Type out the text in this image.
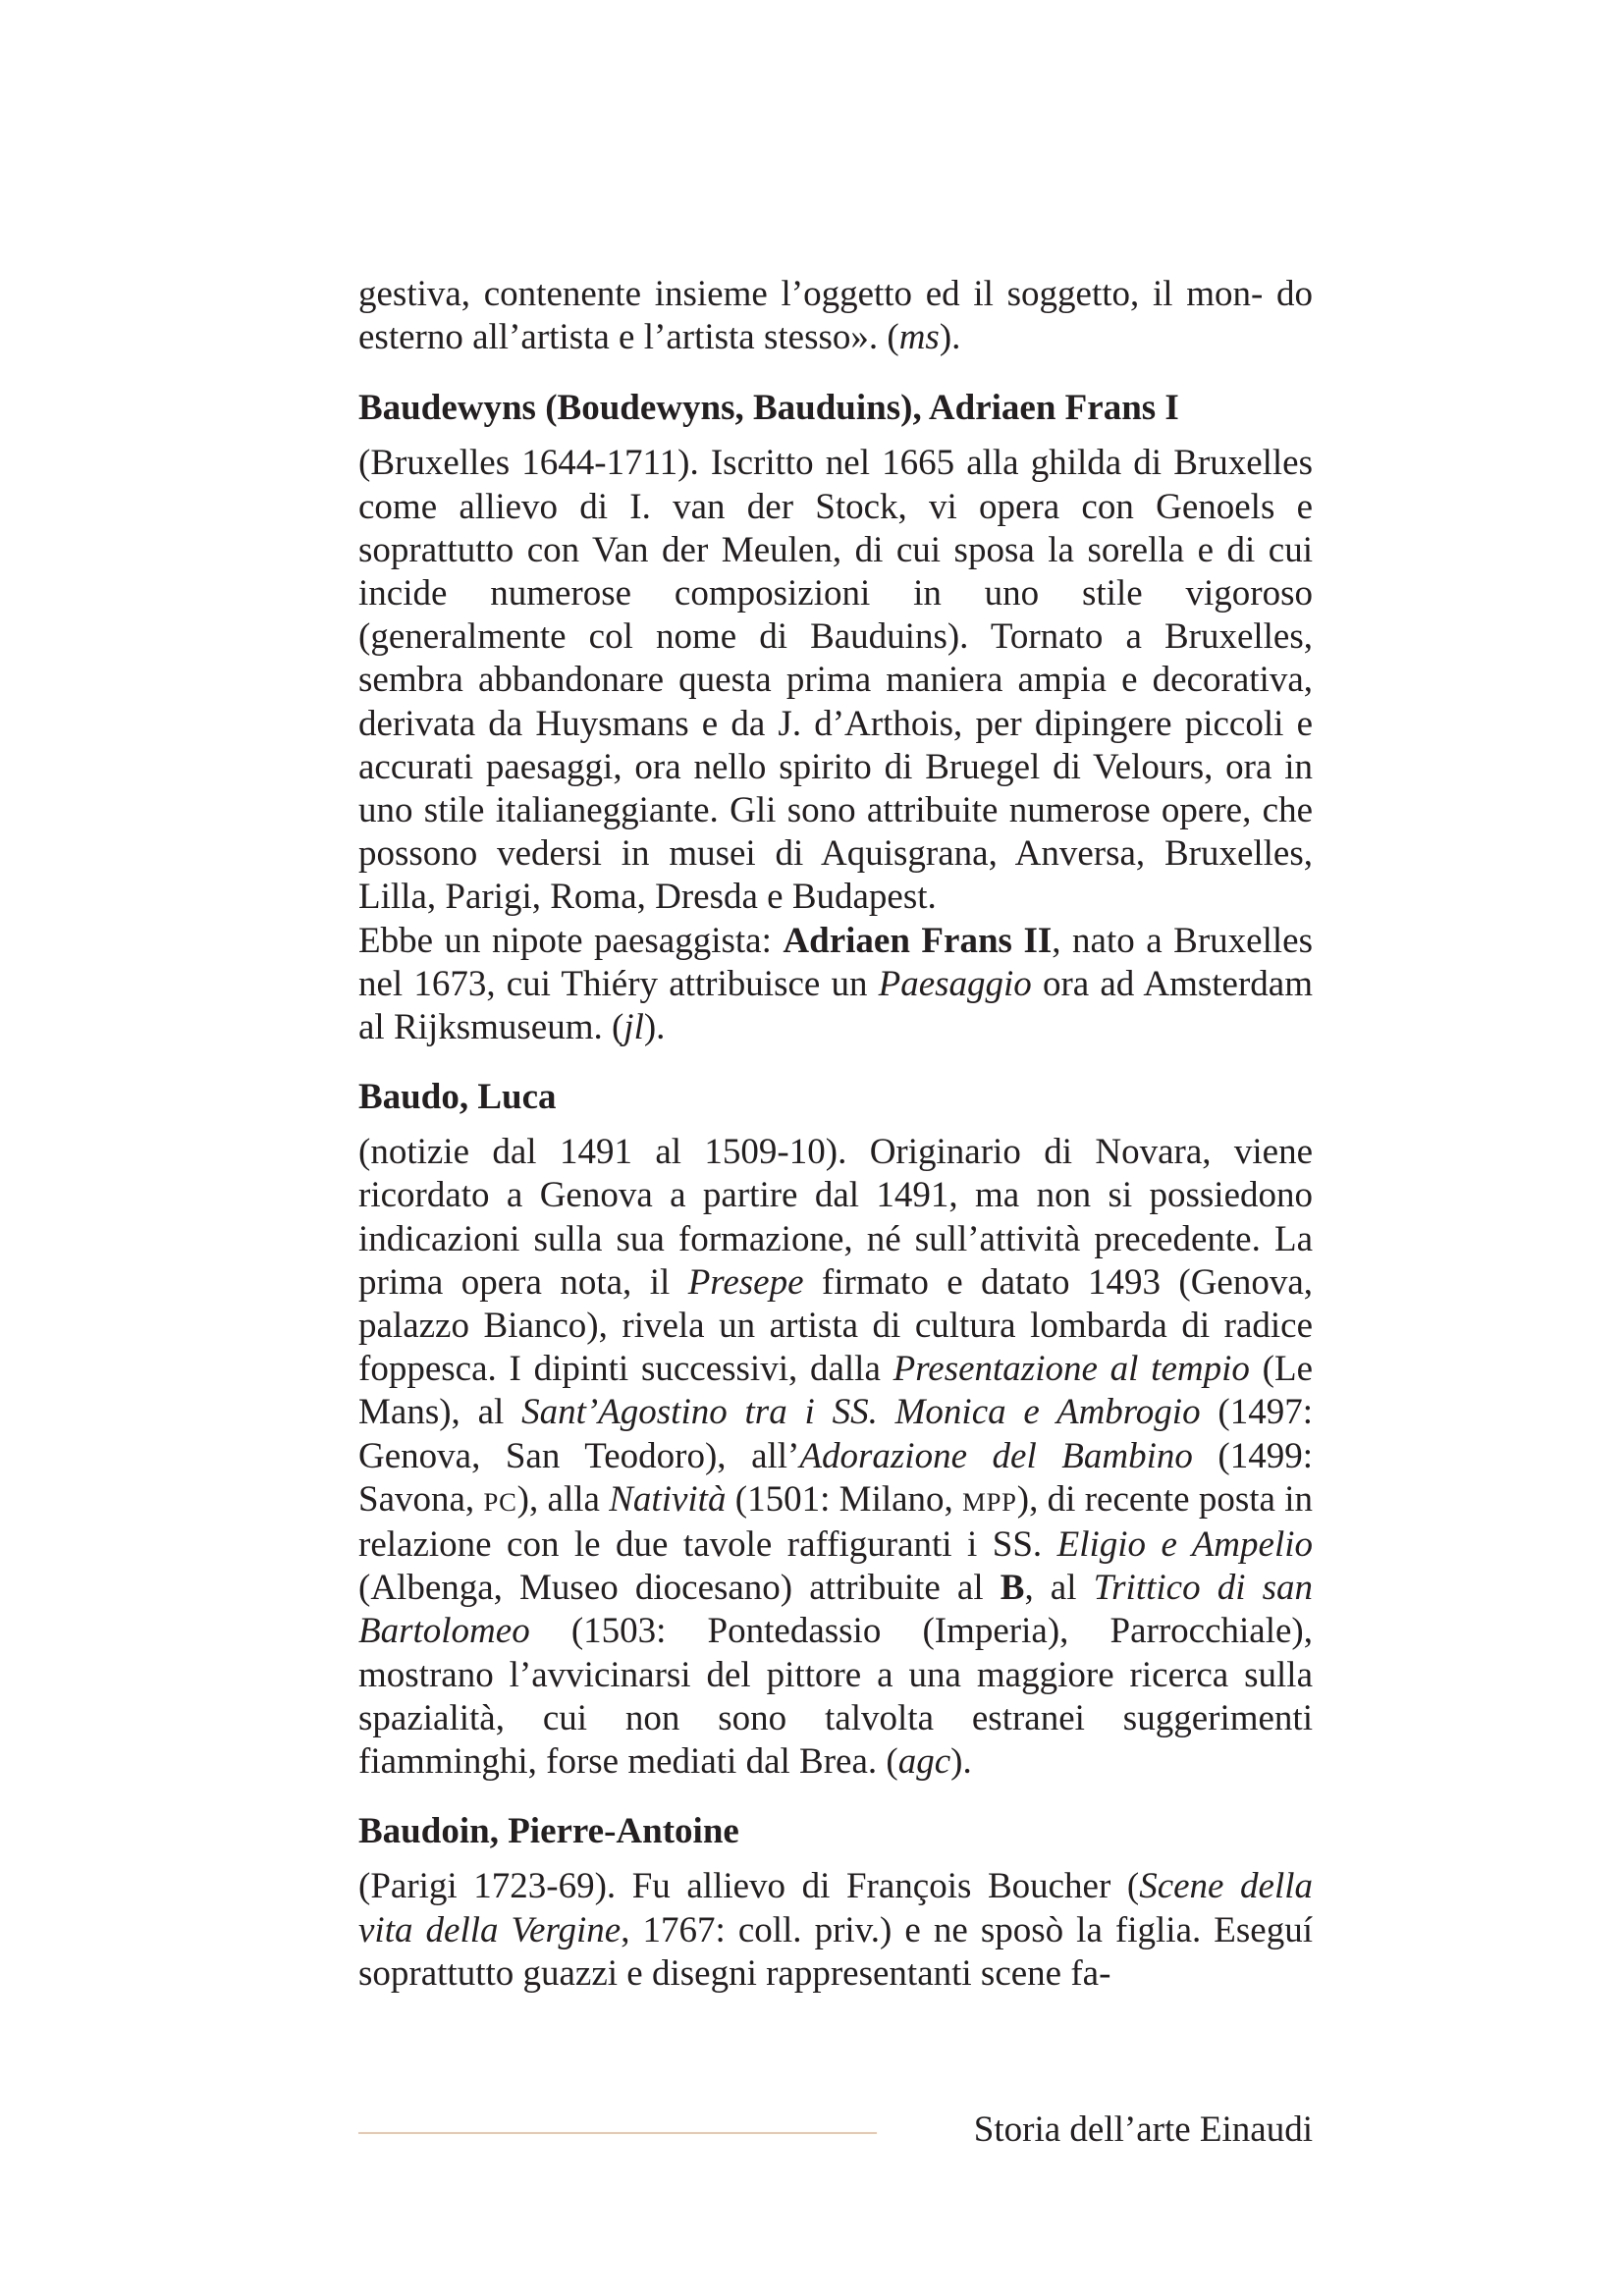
gestiva, contenente insieme l’oggetto ed il soggetto, il mon- do esterno all’artista e l’artista stesso». (ms).

Baudewyns (Boudewyns, Bauduins), Adriaen Frans I

(Bruxelles 1644-1711). Iscritto nel 1665 alla ghilda di Bruxelles come allievo di I. van der Stock, vi opera con Genoels e soprattutto con Van der Meulen, di cui sposa la sorella e di cui incide numerose composizioni in uno stile vigoroso (generalmente col nome di Bauduins). Tornato a Bruxelles, sembra abbandonare questa prima maniera ampia e decorativa, derivata da Huysmans e da J. d’Arthois, per dipingere piccoli e accurati paesaggi, ora nello spirito di Bruegel di Velours, ora in uno stile italianeggiante. Gli sono attribuite numerose opere, che possono vedersi in musei di Aquisgrana, Anversa, Bruxelles, Lilla, Parigi, Roma, Dresda e Budapest.

Ebbe un nipote paesaggista: Adriaen Frans II, nato a Bruxelles nel 1673, cui Thiéry attribuisce un Paesaggio ora ad Amsterdam al Rijksmuseum. (jl).

Baudo, Luca

(notizie dal 1491 al 1509-10). Originario di Novara, viene ricordato a Genova a partire dal 1491, ma non si possiedono indicazioni sulla sua formazione, né sull’attività precedente. La prima opera nota, il Presepe firmato e datato 1493 (Genova, palazzo Bianco), rivela un artista di cultura lombarda di radice foppesca. I dipinti successivi, dalla Presentazione al tempio (Le Mans), al Sant’Agostino tra i SS. Monica e Ambrogio (1497: Genova, San Teodoro), all’Adorazione del Bambino (1499: Savona, PC), alla Natività (1501: Milano, MPP), di recente posta in relazione con le due tavole raffiguranti i SS. Eligio e Ampelio (Albenga, Museo diocesano) attribuite al B, al Trittico di san Bartolomeo (1503: Pontedassio (Imperia), Parrocchiale), mostrano l’avvicinarsi del pittore a una maggiore ricerca sulla spazialità, cui non sono talvolta estranei suggerimenti fiamminghi, forse mediati dal Brea. (agc).

Baudoin, Pierre-Antoine

(Parigi 1723-69). Fu allievo di François Boucher (Scene della vita della Vergine, 1767: coll. priv.) e ne sposò la figlia. Eseguí soprattutto guazzi e disegni rappresentanti scene fa-

Storia dell’arte Einaudi
